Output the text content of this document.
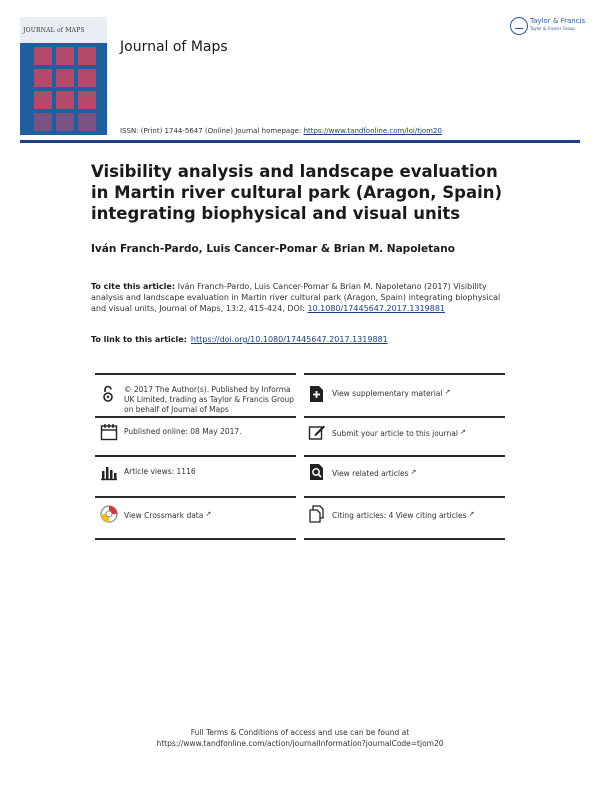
JOURNAL of MAPS
Taylor & Francis
Taylor & Francis Group
Journal of Maps
ISSN: (Print) 1744-5647 (Online) Journal homepage: https://www.tandfonline.com/loi/tjom20
Visibility analysis and landscape evaluation
in Martin river cultural park (Aragon, Spain)
integrating biophysical and visual units
Iván Franch-Pardo, Luis Cancer-Pomar & Brian M. Napoletano
To cite this article: Iván Franch-Pardo, Luis Cancer-Pomar & Brian M. Napoletano (2017) Visibility analysis and landscape evaluation in Martin river cultural park (Aragon, Spain) integrating biophysical and visual units, Journal of Maps, 13:2, 415-424, DOI: 10.1080/17445647.2017.1319881
To link to this article: https://doi.org/10.1080/17445647.2017.1319881
© 2017 The Author(s). Published by Informa UK Limited, trading as Taylor & Francis Group on behalf of Journal of Maps
View supplementary material ↗
Published online: 08 May 2017.	Submit your article to this journal ↗
Article views: 1116	View related articles ↗
View Crossmark data ↗	Citing articles: 4 View citing articles ↗
Full Terms & Conditions of access and use can be found at
https://www.tandfonline.com/action/journalInformation?journalCode=tjom20
